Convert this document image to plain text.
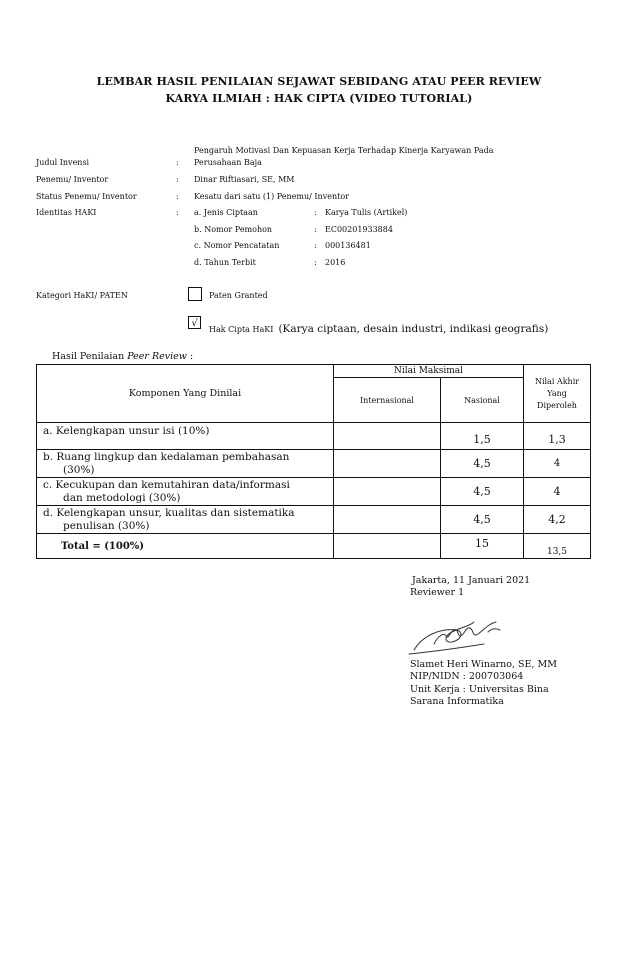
LEMBAR HASIL PENILAIAN SEJAWAT SEBIDANG ATAU PEER REVIEW
KARYA ILMIAH : HAK CIPTA (VIDEO TUTORIAL)
Pengaruh Motivasi Dan Kepuasan Kerja Terhadap Kinerja Karyawan Pada
Judul Invensi	: Perusahaan Baja
Penemu/ Inventor	: Dinar Riftiasari, SE, MM
Status Penemu/ Inventor	: Kesatu dari satu (1) Penemu/ Inventor
Identitas HAKI	: a. Jenis Ciptaan	: Karya Tulis (Artikel)
b. Nomor Pemohon	: EC00201933884
c. Nomor Pencatatan	: 000136481
d. Tahun Terbit	: 2016
Kategori HaKI/ PATEN	Paten Granted
√
Hak Cipta HaKI (Karya ciptaan, desain industri, indikasi geografis)
Hasil Penilaian Peer Review :
Komponen Yang Dinilai	Nilai Maksimal		Nilai Akhir
Yang
Diperoleh

	Internasional	Nasional	

a. Kelengkapan unsur isi (10%)		1,5	1,3

b. Ruang lingkup dan kedalaman pembahasan
(30%)		4,5	4

c. Kecukupan dan kemutahiran data/informasi
dan metodologi (30%)		4,5	4

d. Kelengkapan unsur, kualitas dan sistematika
penulisan (30%)		4,5	4,2
Total = (100%)		15	13,5
Jakarta, 11 Januari 2021
Reviewer 1
Slamet Heri Winarno, SE, MM
NIP/NIDN : 200703064
Unit Kerja : Universitas Bina
Sarana Informatika
